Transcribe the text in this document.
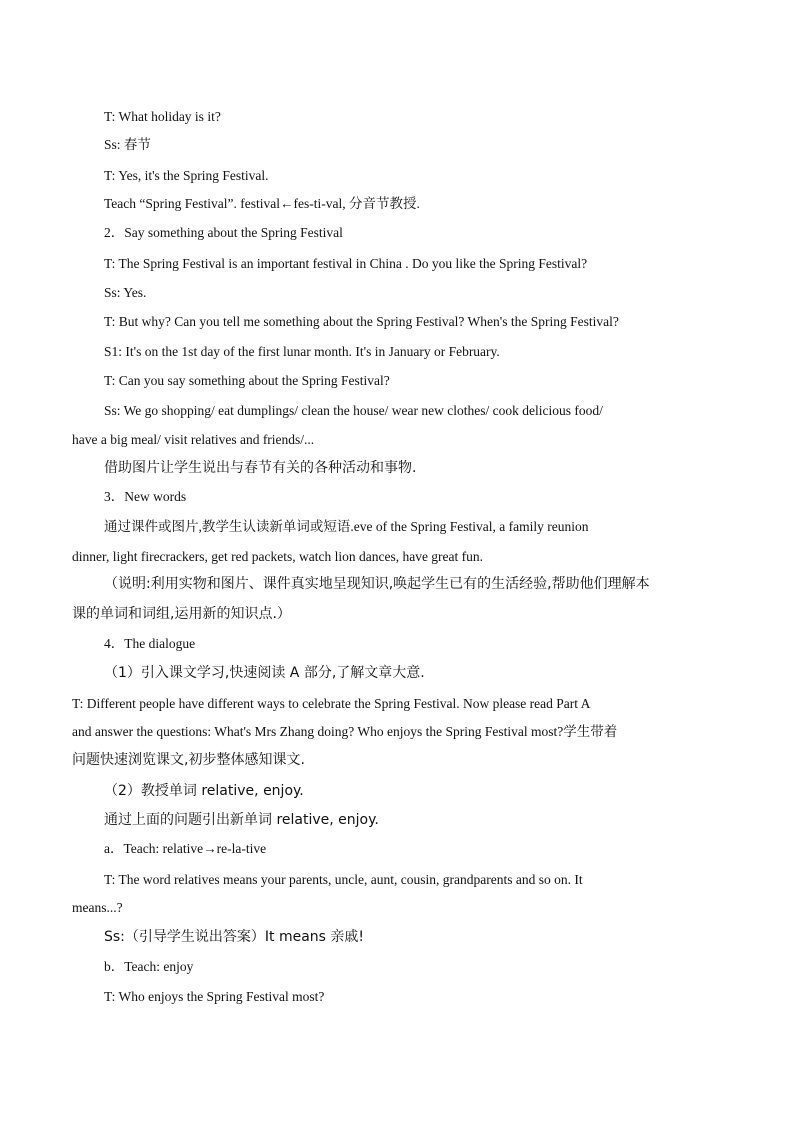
T: What holiday is it?
Ss: 春节
T: Yes, it's the Spring Festival.
Teach “Spring Festival”. festival←fes-ti-val, 分音节教授.
2．Say something about the Spring Festival
T: The Spring Festival is an important festival in China . Do you like the Spring Festival?
Ss: Yes.
T: But why? Can you tell me something about the Spring Festival? When's the Spring Festival?
S1: It's on the 1st day of the first lunar month. It's in January or February.
T: Can you say something about the Spring Festival?
Ss: We go shopping/ eat dumplings/ clean the house/ wear new clothes/ cook delicious food/
have a big meal/ visit relatives and friends/...
借助图片让学生说出与春节有关的各种活动和事物.
3．New words
通过课件或图片,教学生认读新单词或短语.eve of the Spring Festival, a family reunion
dinner, light firecrackers, get red packets, watch lion dances, have great fun.
（说明:利用实物和图片、课件真实地呈现知识,唤起学生已有的生活经验,帮助他们理解本
课的单词和词组,运用新的知识点.）
4．The dialogue
（1）引入课文学习,快速阅读 A 部分,了解文章大意.
T: Different people have different ways to celebrate the Spring Festival. Now please read Part A
and answer the questions: What's Mrs Zhang doing? Who enjoys the Spring Festival most?学生带着
问题快速浏览课文,初步整体感知课文.
（2）教授单词 relative, enjoy.
通过上面的问题引出新单词 relative, enjoy.
a．Teach: relative→re-la-tive
T: The word relatives means your parents, uncle, aunt, cousin, grandparents and so on. It
means...?
Ss:（引导学生说出答案）It means 亲戚!
b．Teach: enjoy
T: Who enjoys the Spring Festival most?
